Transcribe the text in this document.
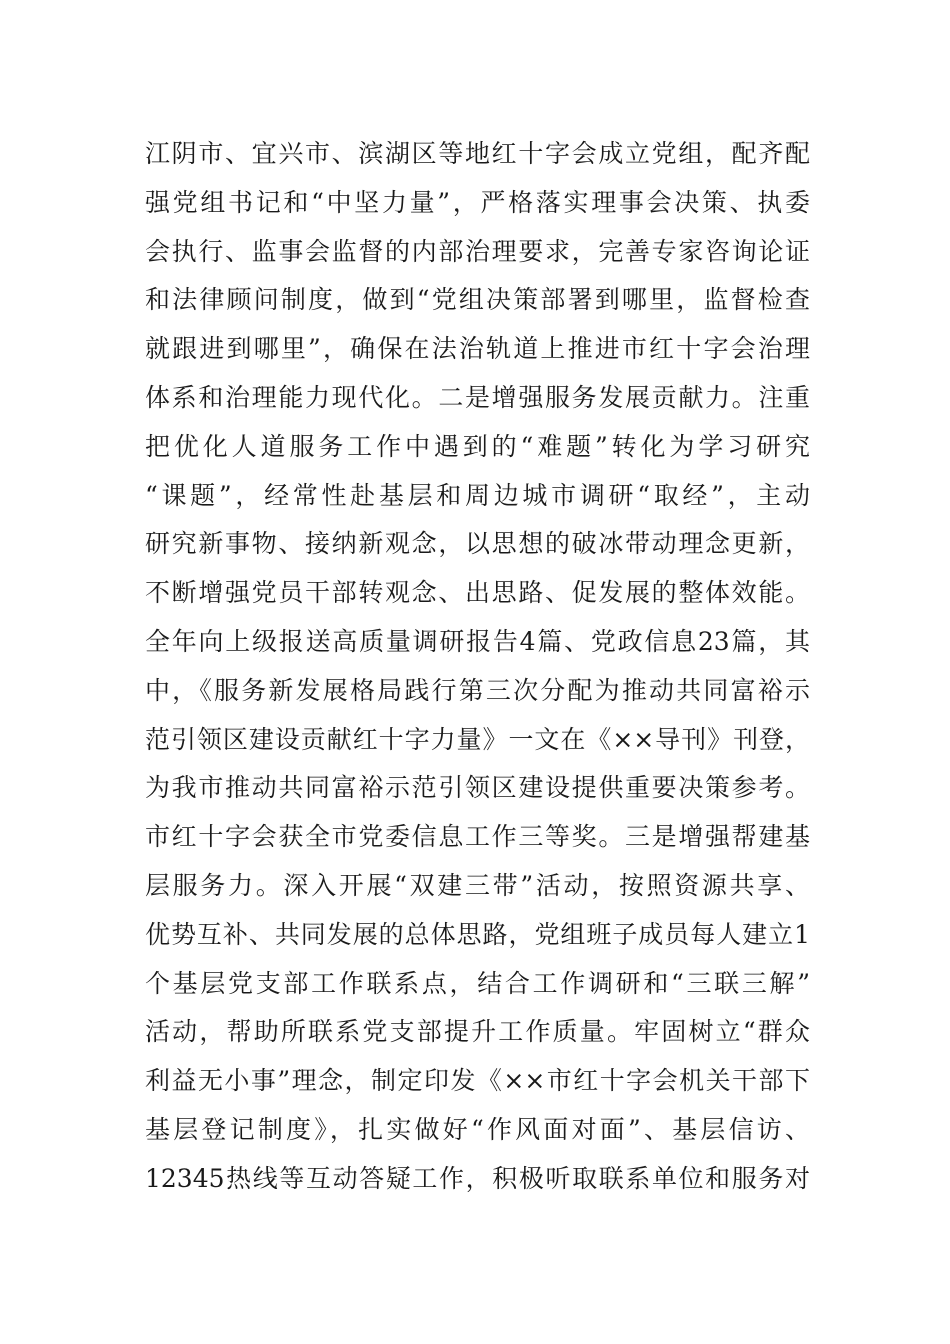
江阴市、宜兴市、滨湖区等地红十字会成立党组，配齐配
强党组书记和“中坚力量”，严格落实理事会决策、执委
会执行、监事会监督的内部治理要求，完善专家咨询论证
和法律顾问制度，做到“党组决策部署到哪里，监督检查
就跟进到哪里”，确保在法治轨道上推进市红十字会治理
体系和治理能力现代化。二是增强服务发展贡献力。注重
把优化人道服务工作中遇到的“难题”转化为学习研究
“课题”，经常性赴基层和周边城市调研“取经”，主动
研究新事物、接纳新观念，以思想的破冰带动理念更新，
不断增强党员干部转观念、出思路、促发展的整体效能。
全年向上级报送高质量调研报告4篇、党政信息23篇，其
中，《服务新发展格局践行第三次分配为推动共同富裕示
范引领区建设贡献红十字力量》一文在《××导刊》刊登，
为我市推动共同富裕示范引领区建设提供重要决策参考。
市红十字会获全市党委信息工作三等奖。三是增强帮建基
层服务力。深入开展“双建三带”活动，按照资源共享、
优势互补、共同发展的总体思路，党组班子成员每人建立1
个基层党支部工作联系点，结合工作调研和“三联三解”
活动，帮助所联系党支部提升工作质量。牢固树立“群众
利益无小事”理念，制定印发《××市红十字会机关干部下
基层登记制度》，扎实做好“作风面对面”、基层信访、
12345热线等互动答疑工作，积极听取联系单位和服务对
